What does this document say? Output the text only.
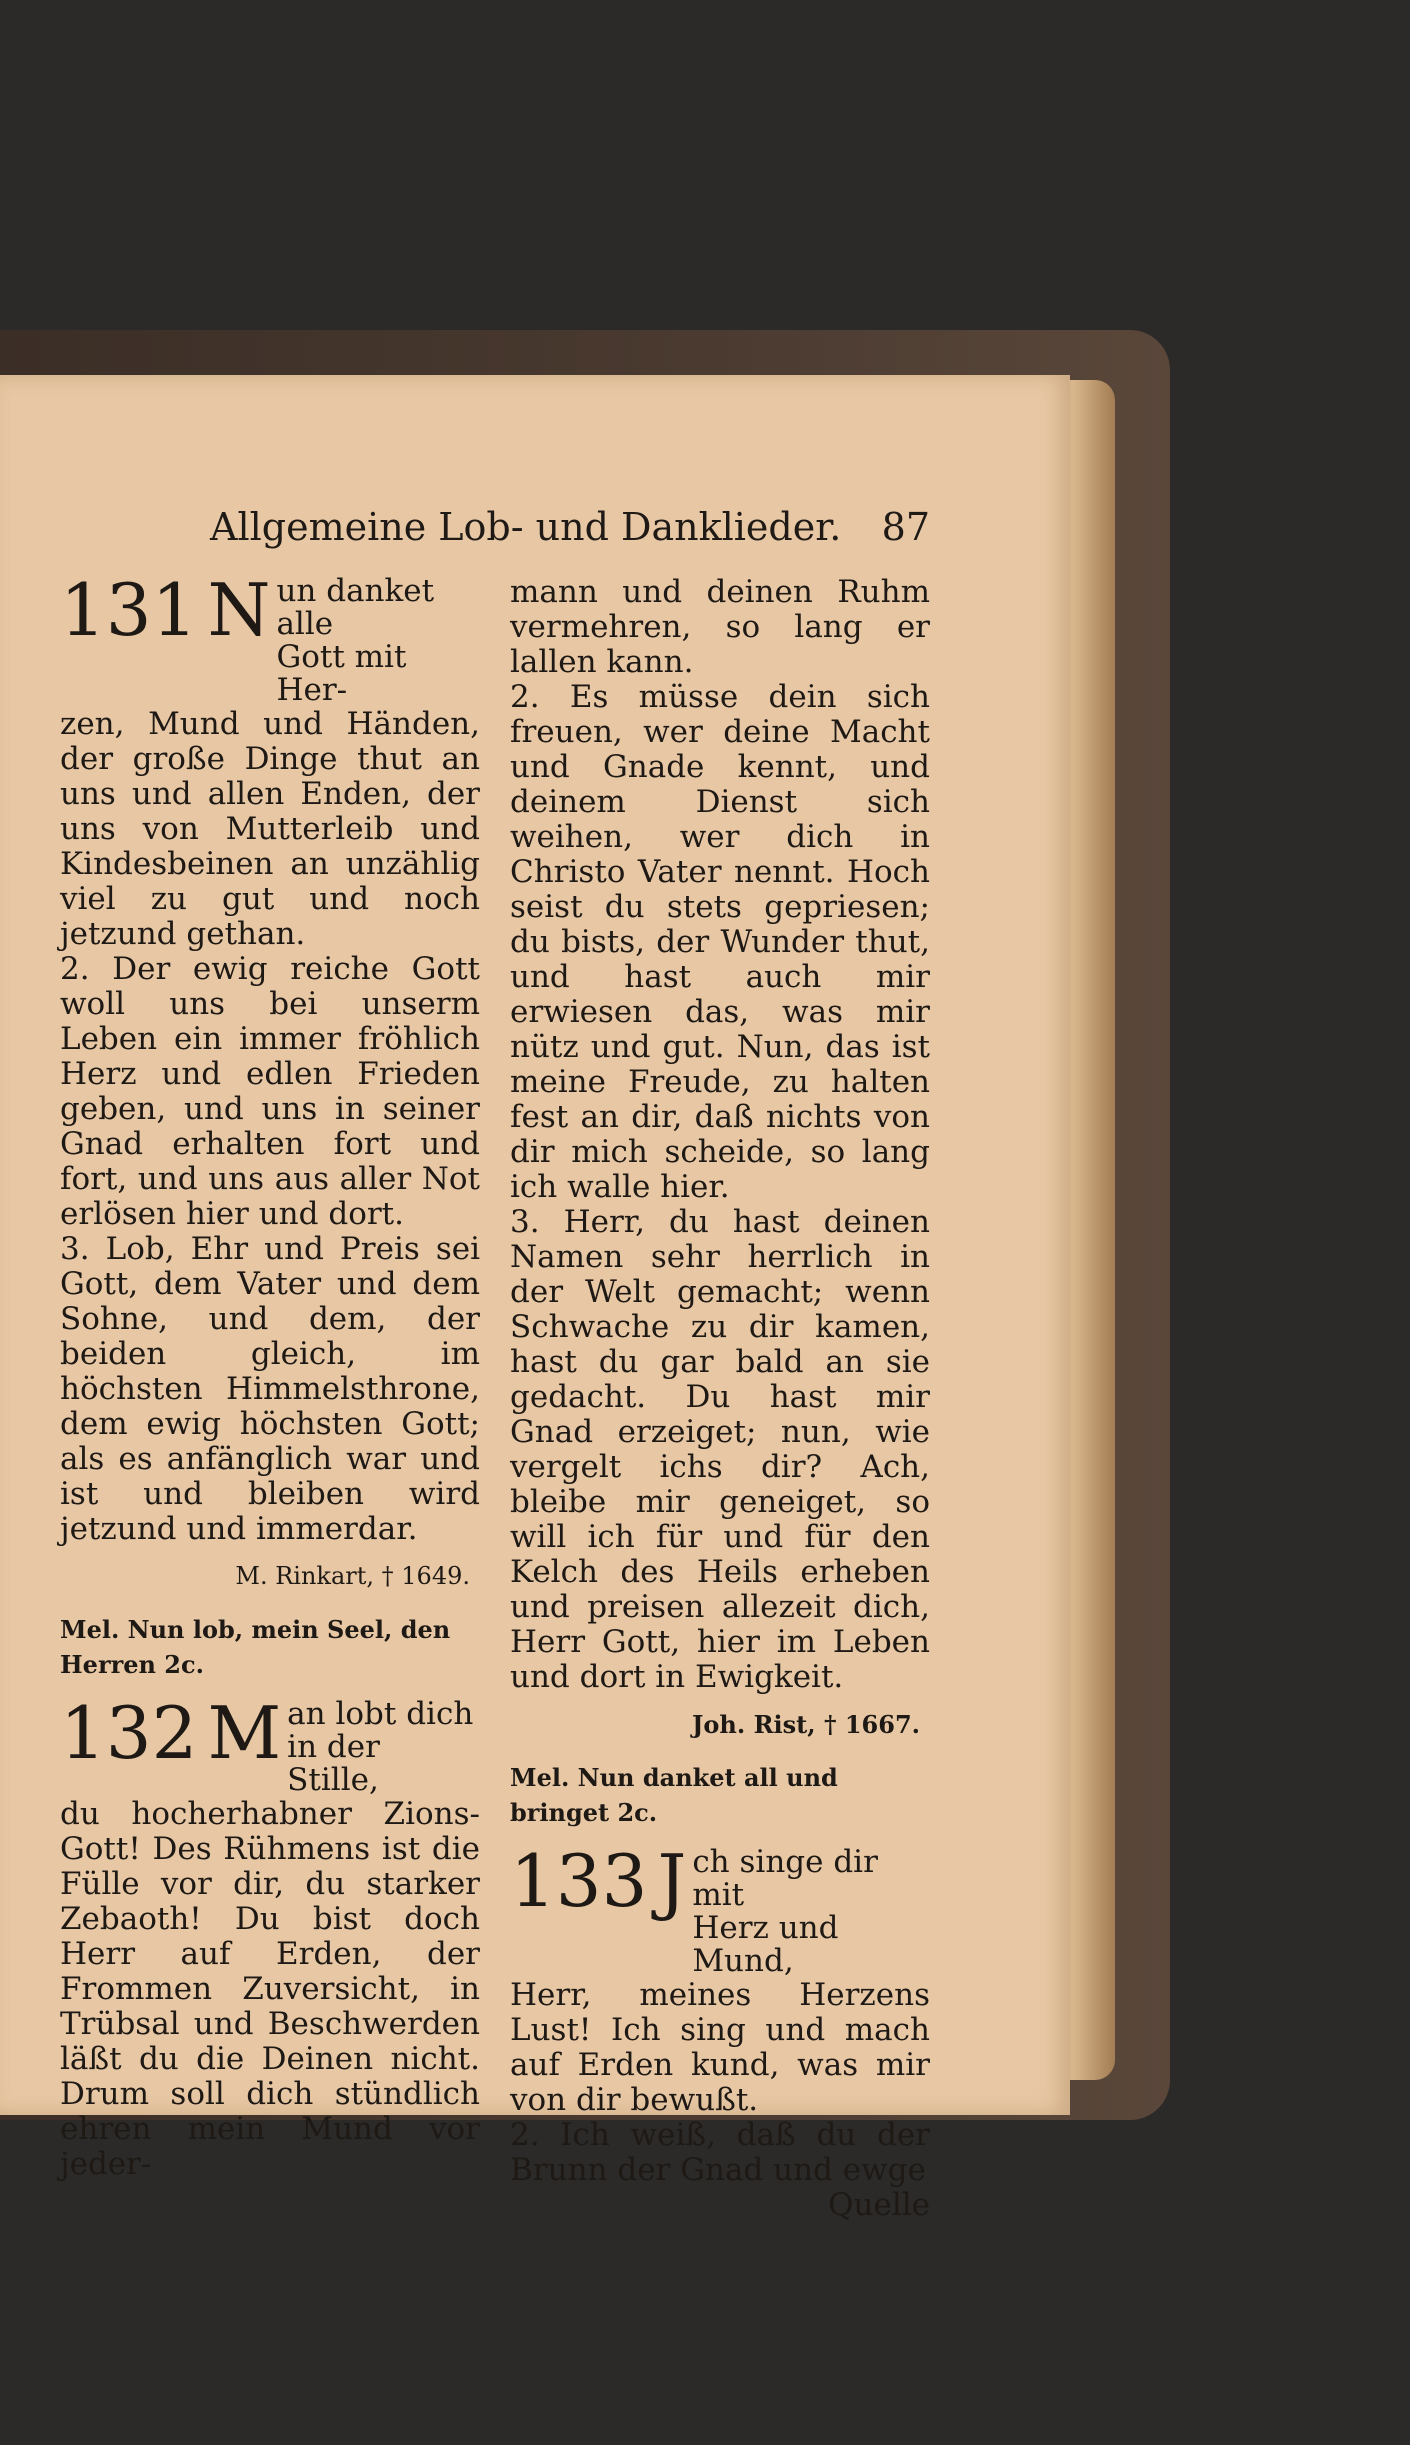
Allgemeine Lob- und Danklieder. 87
131 N un danket alle
Gott mit Her-

zen, Mund und Händen, der große Dinge thut an uns und allen Enden, der uns von Mutterleib und Kindesbeinen an unzählig viel zu gut und noch jetzund gethan.

2. Der ewig reiche Gott woll uns bei unserm Leben ein immer fröhlich Herz und edlen Frieden geben, und uns in seiner Gnad erhalten fort und fort, und uns aus aller Not erlösen hier und dort.

3. Lob, Ehr und Preis sei Gott, dem Vater und dem Sohne, und dem, der beiden gleich, im höchsten Himmelsthrone, dem ewig höchsten Gott; als es anfänglich war und ist und bleiben wird jetzund und immerdar.

M. Rinkart, † 1649.
Mel. Nun lob, mein Seel, den Herren 2c.
132 M an lobt dich
in der Stille,

du hocherhabner Zions-Gott! Des Rühmens ist die Fülle vor dir, du starker Zebaoth! Du bist doch Herr auf Erden, der Frommen Zuversicht, in Trübsal und Beschwerden läßt du die Deinen nicht. Drum soll dich stündlich ehren mein Mund vor jeder-

mann und deinen Ruhm vermehren, so lang er lallen kann.

2. Es müsse dein sich freuen, wer deine Macht und Gnade kennt, und deinem Dienst sich weihen, wer dich in Christo Vater nennt. Hoch seist du stets gepriesen; du bists, der Wunder thut, und hast auch mir erwiesen das, was mir nütz und gut. Nun, das ist meine Freude, zu halten fest an dir, daß nichts von dir mich scheide, so lang ich walle hier.

3. Herr, du hast deinen Namen sehr herrlich in der Welt gemacht; wenn Schwache zu dir kamen, hast du gar bald an sie gedacht. Du hast mir Gnad erzeiget; nun, wie vergelt ichs dir? Ach, bleibe mir geneiget, so will ich für und für den Kelch des Heils erheben und preisen allezeit dich, Herr Gott, hier im Leben und dort in Ewigkeit.

Joh. Rist, † 1667.
Mel. Nun danket all und bringet 2c.
133 J ch singe dir mit
Herz und Mund,

Herr, meines Herzens Lust! Ich sing und mach auf Erden kund, was mir von dir bewußt.

2. Ich weiß, daß du der Brunn der Gnad und ewge

Quelle
